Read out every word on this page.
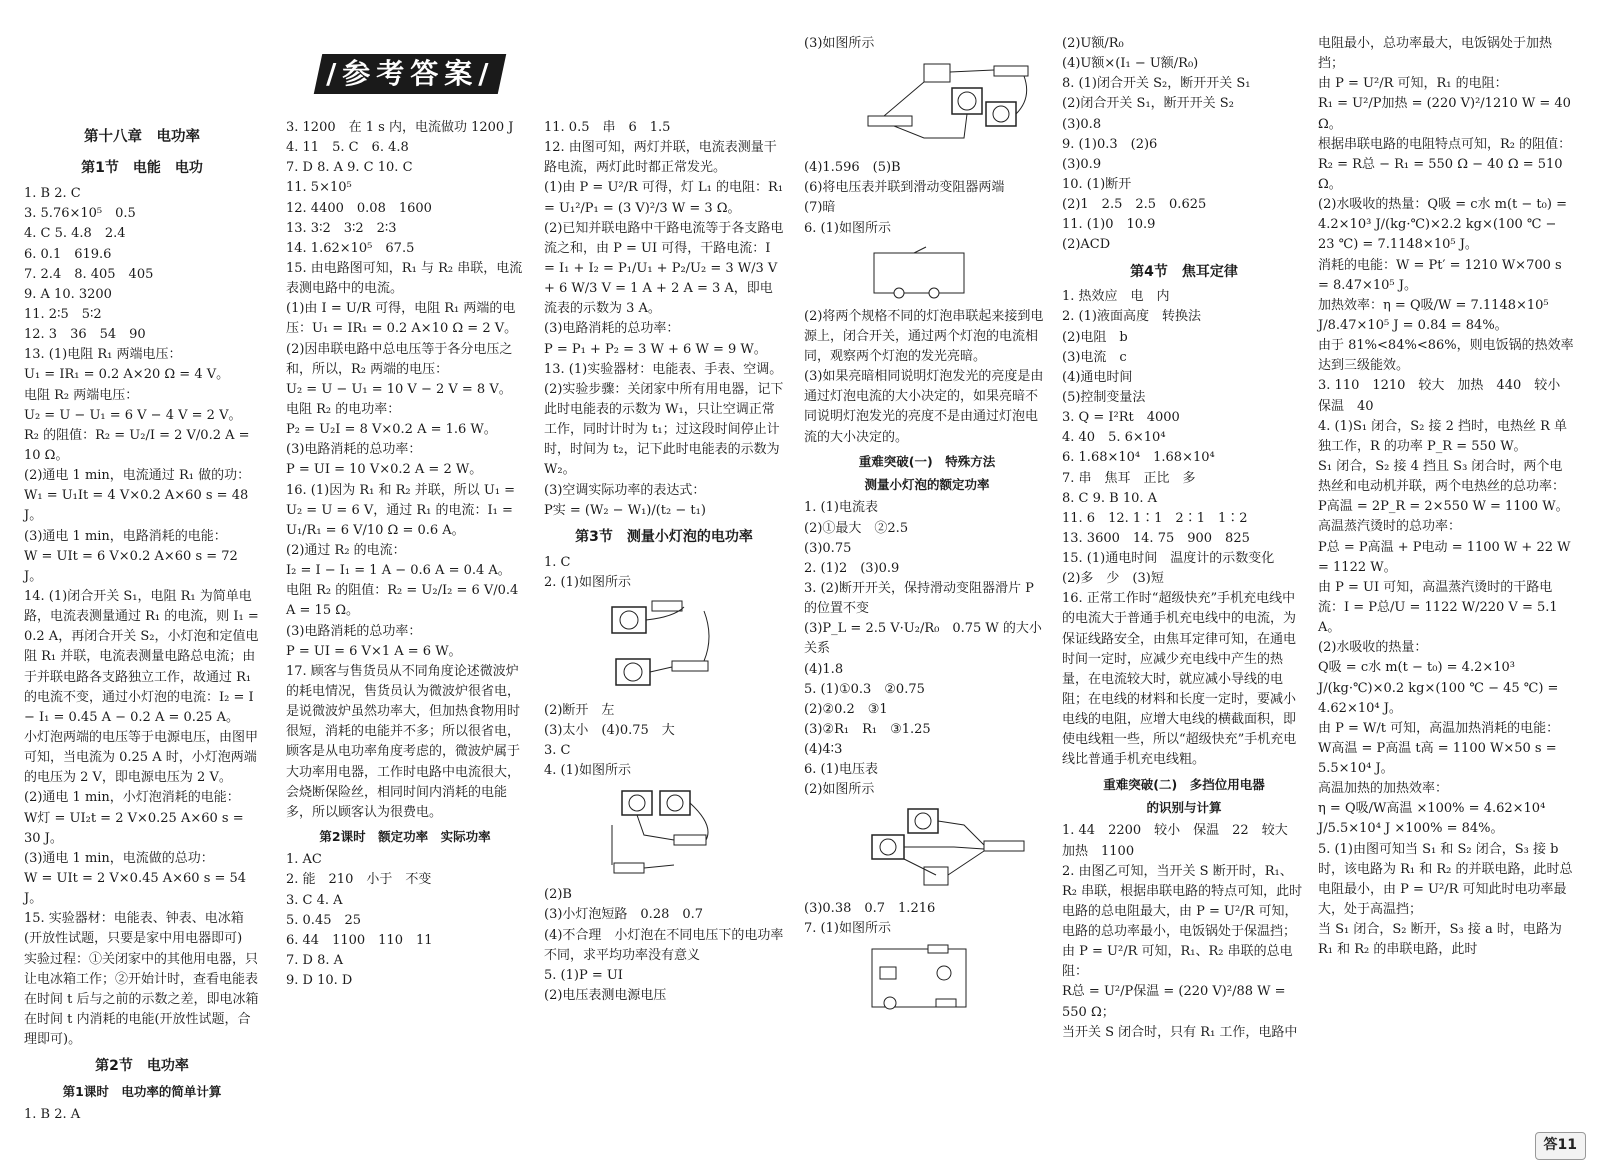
/参考答案/

第十八章　电功率

第1节　电能　电功

1. B 2. C

3. 5.76×10⁵　0.5

4. C 5. 4.8　2.4

6. 0.1　619.6

7. 2.4　8. 405　405

9. A 10. 3200

11. 2∶5　5∶2

12. 3　36　54　90

13. (1)电阻 R₁ 两端电压：

U₁ = IR₁ = 0.2 A×20 Ω = 4 V。

电阻 R₂ 两端电压：

U₂ = U − U₁ = 6 V − 4 V = 2 V。

R₂ 的阻值：R₂ = U₂/I = 2 V/0.2 A = 10 Ω。

(2)通电 1 min，电流通过 R₁ 做的功：

W₁ = U₁It = 4 V×0.2 A×60 s = 48 J。

(3)通电 1 min，电路消耗的电能：

W = UIt = 6 V×0.2 A×60 s = 72 J。

14. (1)闭合开关 S₁，电阻 R₁ 为简单电路，电流表测量通过 R₁ 的电流，则 I₁ = 0.2 A，再闭合开关 S₂，小灯泡和定值电阻 R₁ 并联，电流表测量电路总电流；由于并联电路各支路独立工作，故通过 R₁ 的电流不变，通过小灯泡的电流：I₂ = I − I₁ = 0.45 A − 0.2 A = 0.25 A。

小灯泡两端的电压等于电源电压，由图甲可知，当电流为 0.25 A 时，小灯泡两端的电压为 2 V，即电源电压为 2 V。

(2)通电 1 min，小灯泡消耗的电能：

W灯 = UI₂t = 2 V×0.25 A×60 s = 30 J。

(3)通电 1 min，电流做的总功：

W = UIt = 2 V×0.45 A×60 s = 54 J。

15. 实验器材：电能表、钟表、电冰箱(开放性试题，只要是家中用电器即可)

实验过程：①关闭家中的其他用电器，只让电冰箱工作；②开始计时，查看电能表在时间 t 后与之前的示数之差，即电冰箱在时间 t 内消耗的电能(开放性试题，合理即可)。

第2节　电功率

第1课时　电功率的简单计算

1. B 2. A

3. 1200　在 1 s 内，电流做功 1200 J

4. 11　5. C　6. 4.8

7. D 8. A 9. C 10. C

11. 5×10⁵

12. 4400　0.08　1600

13. 3∶2　3∶2　2∶3

14. 1.62×10⁵　67.5

15. 由电路图可知，R₁ 与 R₂ 串联，电流表测电路中的电流。

(1)由 I = U/R 可得，电阻 R₁ 两端的电压：U₁ = IR₁ = 0.2 A×10 Ω = 2 V。

(2)因串联电路中总电压等于各分电压之和，所以，R₂ 两端的电压：

U₂ = U − U₁ = 10 V − 2 V = 8 V。

电阻 R₂ 的电功率：

P₂ = U₂I = 8 V×0.2 A = 1.6 W。

(3)电路消耗的总功率：

P = UI = 10 V×0.2 A = 2 W。

16. (1)因为 R₁ 和 R₂ 并联，所以 U₁ = U₂ = U = 6 V，通过 R₁ 的电流：I₁ = U₁/R₁ = 6 V/10 Ω = 0.6 A。

(2)通过 R₂ 的电流：

I₂ = I − I₁ = 1 A − 0.6 A = 0.4 A。

电阻 R₂ 的阻值：R₂ = U₂/I₂ = 6 V/0.4 A = 15 Ω。

(3)电路消耗的总功率：

P = UI = 6 V×1 A = 6 W。

17. 顾客与售货员从不同角度论述微波炉的耗电情况，售货员认为微波炉很省电，是说微波炉虽然功率大，但加热食物用时很短，消耗的电能并不多；所以很省电，顾客是从电功率角度考虑的，微波炉属于大功率用电器，工作时电路中电流很大，会烧断保险丝，相同时间内消耗的电能多，所以顾客认为很费电。

第2课时　额定功率　实际功率

1. AC

2. 能　210　小于　不变

3. C 4. A

5. 0.45　25

6. 44　1100　110　11

7. D 8. A

9. D 10. D

11. 0.5　串　6　1.5

12. 由图可知，两灯并联，电流表测量干路电流，两灯此时都正常发光。

(1)由 P = U²/R 可得，灯 L₁ 的电阻：R₁ = U₁²/P₁ = (3 V)²/3 W = 3 Ω。

(2)已知并联电路中干路电流等于各支路电流之和，由 P = UI 可得，干路电流：I = I₁ + I₂ = P₁/U₁ + P₂/U₂ = 3 W/3 V + 6 W/3 V = 1 A + 2 A = 3 A，即电流表的示数为 3 A。

(3)电路消耗的总功率：

P = P₁ + P₂ = 3 W + 6 W = 9 W。

13. (1)实验器材：电能表、手表、空调。

(2)实验步骤：关闭家中所有用电器，记下此时电能表的示数为 W₁，只让空调正常工作，同时计时为 t₁；过这段时间停止计时，时间为 t₂，记下此时电能表的示数为 W₂。

(3)空调实际功率的表达式：

P实 = (W₂ − W₁)/(t₂ − t₁)

第3节　测量小灯泡的电功率

1. C

2. (1)如图所示

(2)断开　左

(3)太小　(4)0.75　大

3. C

4. (1)如图所示

(2)B

(3)小灯泡短路　0.28　0.7

(4)不合理　小灯泡在不同电压下的电功率不同，求平均功率没有意义

5. (1)P = UI

(2)电压表测电源电压

(3)如图所示

(4)1.596　(5)B

(6)将电压表并联到滑动变阻器两端

(7)暗

6. (1)如图所示

(2)将两个规格不同的灯泡串联起来接到电源上，闭合开关，通过两个灯泡的电流相同，观察两个灯泡的发光亮暗。

(3)如果亮暗相同说明灯泡发光的亮度是由通过灯泡电流的大小决定的，如果亮暗不同说明灯泡发光的亮度不是由通过灯泡电流的大小决定的。

重难突破(一)　特殊方法

测量小灯泡的额定功率

1. (1)电流表

(2)①最大　②2.5

(3)0.75

2. (1)2　(3)0.9

3. (2)断开开关，保持滑动变阻器滑片 P 的位置不变

(3)P_L = 2.5 V·U₂/R₀　0.75 W 的大小关系

(4)1.8

5. (1)①0.3　②0.75

(2)②0.2　③1

(3)②R₁　R₁　③1.25

(4)4∶3

6. (1)电压表

(2)如图所示

(3)0.38　0.7　1.216

7. (1)如图所示

(2)U额/R₀

(4)U额×(I₁ − U额/R₀)

8. (1)闭合开关 S₂，断开开关 S₁

(2)闭合开关 S₁，断开开关 S₂

(3)0.8

9. (1)0.3　(2)6

(3)0.9

10. (1)断开

(2)1　2.5　2.5　0.625

11. (1)0　10.9

(2)ACD

第4节　焦耳定律

1. 热效应　电　内

2. (1)液面高度　转换法

(2)电阻　b

(3)电流　c

(4)通电时间

(5)控制变量法

3. Q = I²Rt　4000

4. 40　5. 6×10⁴

6. 1.68×10⁴　1.68×10⁴

7. 串　焦耳　正比　多

8. C 9. B 10. A

11. 6　12. 1∶1　2∶1　1∶2

13. 3600　14. 75　900　825

15. (1)通电时间　温度计的示数变化

(2)多　少　(3)短

16. 正常工作时“超级快充”手机充电线中的电流大于普通手机充电线中的电流，为保证线路安全，由焦耳定律可知，在通电时间一定时，应减少充电线中产生的热量，在电流较大时，就应减小导线的电阻；在电线的材料和长度一定时，要减小电线的电阻，应增大电线的横截面积，即使电线粗一些，所以“超级快充”手机充电线比普通手机充电线粗。

重难突破(二)　多挡位用电器

的识别与计算

1. 44　2200　较小　保温　22　较大　加热　1100

2. 由图乙可知，当开关 S 断开时，R₁、R₂ 串联，根据串联电路的特点可知，此时电路的总电阻最大，由 P = U²/R 可知，电路的总功率最小，电饭锅处于保温挡；

由 P = U²/R 可知，R₁、R₂ 串联的总电阻：

R总 = U²/P保温 = (220 V)²/88 W = 550 Ω；

当开关 S 闭合时，只有 R₁ 工作，电路中

电阻最小，总功率最大，电饭锅处于加热挡；

由 P = U²/R 可知，R₁ 的电阻：

R₁ = U²/P加热 = (220 V)²/1210 W = 40 Ω。

根据串联电路的电阻特点可知，R₂ 的阻值：

R₂ = R总 − R₁ = 550 Ω − 40 Ω = 510 Ω。

(2)水吸收的热量：Q吸 = c水 m(t − t₀) = 4.2×10³ J/(kg·℃)×2.2 kg×(100 ℃ − 23 ℃) = 7.1148×10⁵ J。

消耗的电能：W = Pt′ = 1210 W×700 s = 8.47×10⁵ J。

加热效率：η = Q吸/W = 7.1148×10⁵ J/8.47×10⁵ J = 0.84 = 84%。

由于 81%<84%<86%，则电饭锅的热效率达到三级能效。

3. 110　1210　较大　加热　440　较小　保温　40

4. (1)S₁ 闭合，S₂ 接 2 挡时，电热丝 R 单独工作，R 的功率 P_R = 550 W。

S₁ 闭合，S₂ 接 4 挡且 S₃ 闭合时，两个电热丝和电动机并联，两个电热丝的总功率：

P高温 = 2P_R = 2×550 W = 1100 W。

高温蒸汽烫时的总功率：

P总 = P高温 + P电动 = 1100 W + 22 W = 1122 W。

由 P = UI 可知，高温蒸汽烫时的干路电流：I = P总/U = 1122 W/220 V = 5.1 A。

(2)水吸收的热量：

Q吸 = c水 m(t − t₀) = 4.2×10³ J/(kg·℃)×0.2 kg×(100 ℃ − 45 ℃) = 4.62×10⁴ J。

由 P = W/t 可知，高温加热消耗的电能：

W高温 = P高温 t高 = 1100 W×50 s = 5.5×10⁴ J。

高温加热的加热效率：

η = Q吸/W高温 ×100% = 4.62×10⁴ J/5.5×10⁴ J ×100% = 84%。

5. (1)由图可知当 S₁ 和 S₂ 闭合，S₃ 接 b 时，该电路为 R₁ 和 R₂ 的并联电路，此时总电阻最小，由 P = U²/R 可知此时电功率最大，处于高温挡；

当 S₁ 闭合，S₂ 断开，S₃ 接 a 时，电路为 R₁ 和 R₂ 的串联电路，此时

答11
